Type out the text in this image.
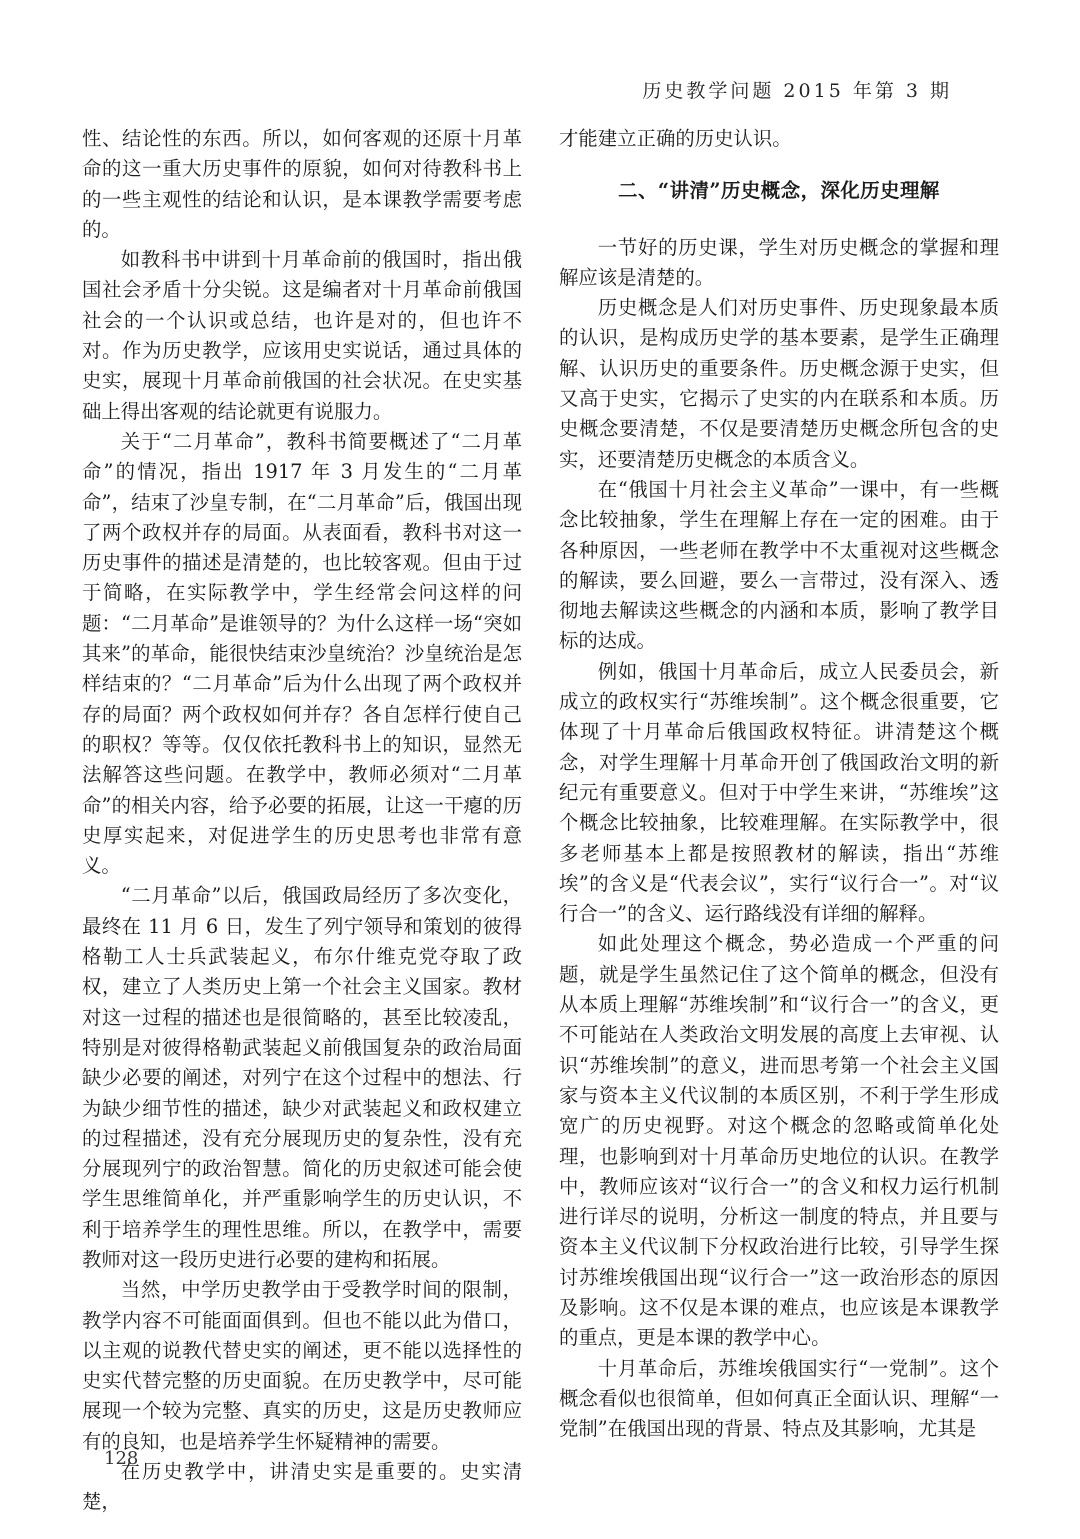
历史教学问题 2015 年第 3 期

性、结论性的东西。所以，如何客观的还原十月革命的这一重大历史事件的原貌，如何对待教科书上的一些主观性的结论和认识，是本课教学需要考虑的。

如教科书中讲到十月革命前的俄国时，指出俄国社会矛盾十分尖锐。这是编者对十月革命前俄国社会的一个认识或总结，也许是对的，但也许不对。作为历史教学，应该用史实说话，通过具体的史实，展现十月革命前俄国的社会状况。在史实基础上得出客观的结论就更有说服力。

关于“二月革命”，教科书简要概述了“二月革命”的情况，指出 1917 年 3 月发生的“二月革命”，结束了沙皇专制，在“二月革命”后，俄国出现了两个政权并存的局面。从表面看，教科书对这一历史事件的描述是清楚的，也比较客观。但由于过于简略，在实际教学中，学生经常会问这样的问题：“二月革命”是谁领导的？为什么这样一场“突如其来”的革命，能很快结束沙皇统治？沙皇统治是怎样结束的？“二月革命”后为什么出现了两个政权并存的局面？两个政权如何并存？各自怎样行使自己的职权？等等。仅仅依托教科书上的知识，显然无法解答这些问题。在教学中，教师必须对“二月革命”的相关内容，给予必要的拓展，让这一干瘪的历史厚实起来，对促进学生的历史思考也非常有意义。

“二月革命”以后，俄国政局经历了多次变化，最终在 11 月 6 日，发生了列宁领导和策划的彼得格勒工人士兵武装起义，布尔什维克党夺取了政权，建立了人类历史上第一个社会主义国家。教材对这一过程的描述也是很简略的，甚至比较凌乱，特别是对彼得格勒武装起义前俄国复杂的政治局面缺少必要的阐述，对列宁在这个过程中的想法、行为缺少细节性的描述，缺少对武装起义和政权建立的过程描述，没有充分展现历史的复杂性，没有充分展现列宁的政治智慧。简化的历史叙述可能会使学生思维简单化，并严重影响学生的历史认识，不利于培养学生的理性思维。所以，在教学中，需要教师对这一段历史进行必要的建构和拓展。

当然，中学历史教学由于受教学时间的限制，教学内容不可能面面俱到。但也不能以此为借口，以主观的说教代替史实的阐述，更不能以选择性的史实代替完整的历史面貌。在历史教学中，尽可能展现一个较为完整、真实的历史，这是历史教师应有的良知，也是培养学生怀疑精神的需要。

在历史教学中，讲清史实是重要的。史实清楚，

才能建立正确的历史认识。

二、“讲清”历史概念，深化历史理解

一节好的历史课，学生对历史概念的掌握和理解应该是清楚的。

历史概念是人们对历史事件、历史现象最本质的认识，是构成历史学的基本要素，是学生正确理解、认识历史的重要条件。历史概念源于史实，但又高于史实，它揭示了史实的内在联系和本质。历史概念要清楚，不仅是要清楚历史概念所包含的史实，还要清楚历史概念的本质含义。

在“俄国十月社会主义革命”一课中，有一些概念比较抽象，学生在理解上存在一定的困难。由于各种原因，一些老师在教学中不太重视对这些概念的解读，要么回避，要么一言带过，没有深入、透彻地去解读这些概念的内涵和本质，影响了教学目标的达成。

例如，俄国十月革命后，成立人民委员会，新成立的政权实行“苏维埃制”。这个概念很重要，它体现了十月革命后俄国政权特征。讲清楚这个概念，对学生理解十月革命开创了俄国政治文明的新纪元有重要意义。但对于中学生来讲，“苏维埃”这个概念比较抽象，比较难理解。在实际教学中，很多老师基本上都是按照教材的解读，指出“苏维埃”的含义是“代表会议”，实行“议行合一”。对“议行合一”的含义、运行路线没有详细的解释。

如此处理这个概念，势必造成一个严重的问题，就是学生虽然记住了这个简单的概念，但没有从本质上理解“苏维埃制”和“议行合一”的含义，更不可能站在人类政治文明发展的高度上去审视、认识“苏维埃制”的意义，进而思考第一个社会主义国家与资本主义代议制的本质区别，不利于学生形成宽广的历史视野。对这个概念的忽略或简单化处理，也影响到对十月革命历史地位的认识。在教学中，教师应该对“议行合一”的含义和权力运行机制进行详尽的说明，分析这一制度的特点，并且要与资本主义代议制下分权政治进行比较，引导学生探讨苏维埃俄国出现“议行合一”这一政治形态的原因及影响。这不仅是本课的难点，也应该是本课教学的重点，更是本课的教学中心。

十月革命后，苏维埃俄国实行“一党制”。这个概念看似也很简单，但如何真正全面认识、理解“一党制”在俄国出现的背景、特点及其影响，尤其是

128
